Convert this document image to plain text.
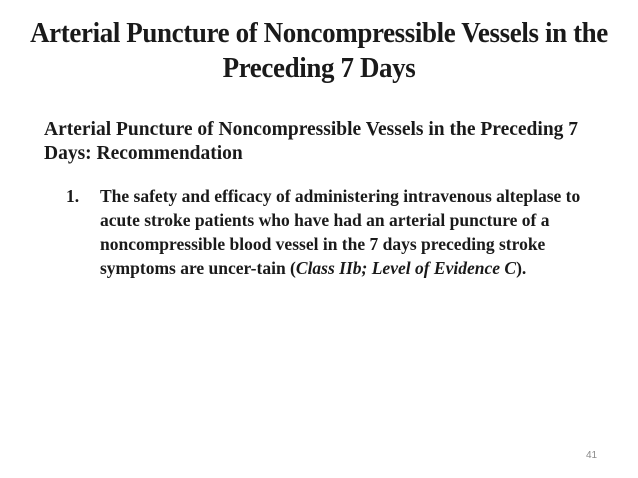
Arterial Puncture of Noncompressible Vessels in the Preceding 7 Days
Arterial Puncture of Noncompressible Vessels in the Preceding 7 Days: Recommendation
1. The safety and efficacy of administering intravenous alteplase to acute stroke patients who have had an arterial puncture of a noncompressible blood vessel in the 7 days preceding stroke symptoms are uncer-tain (Class IIb; Level of Evidence C).
41
